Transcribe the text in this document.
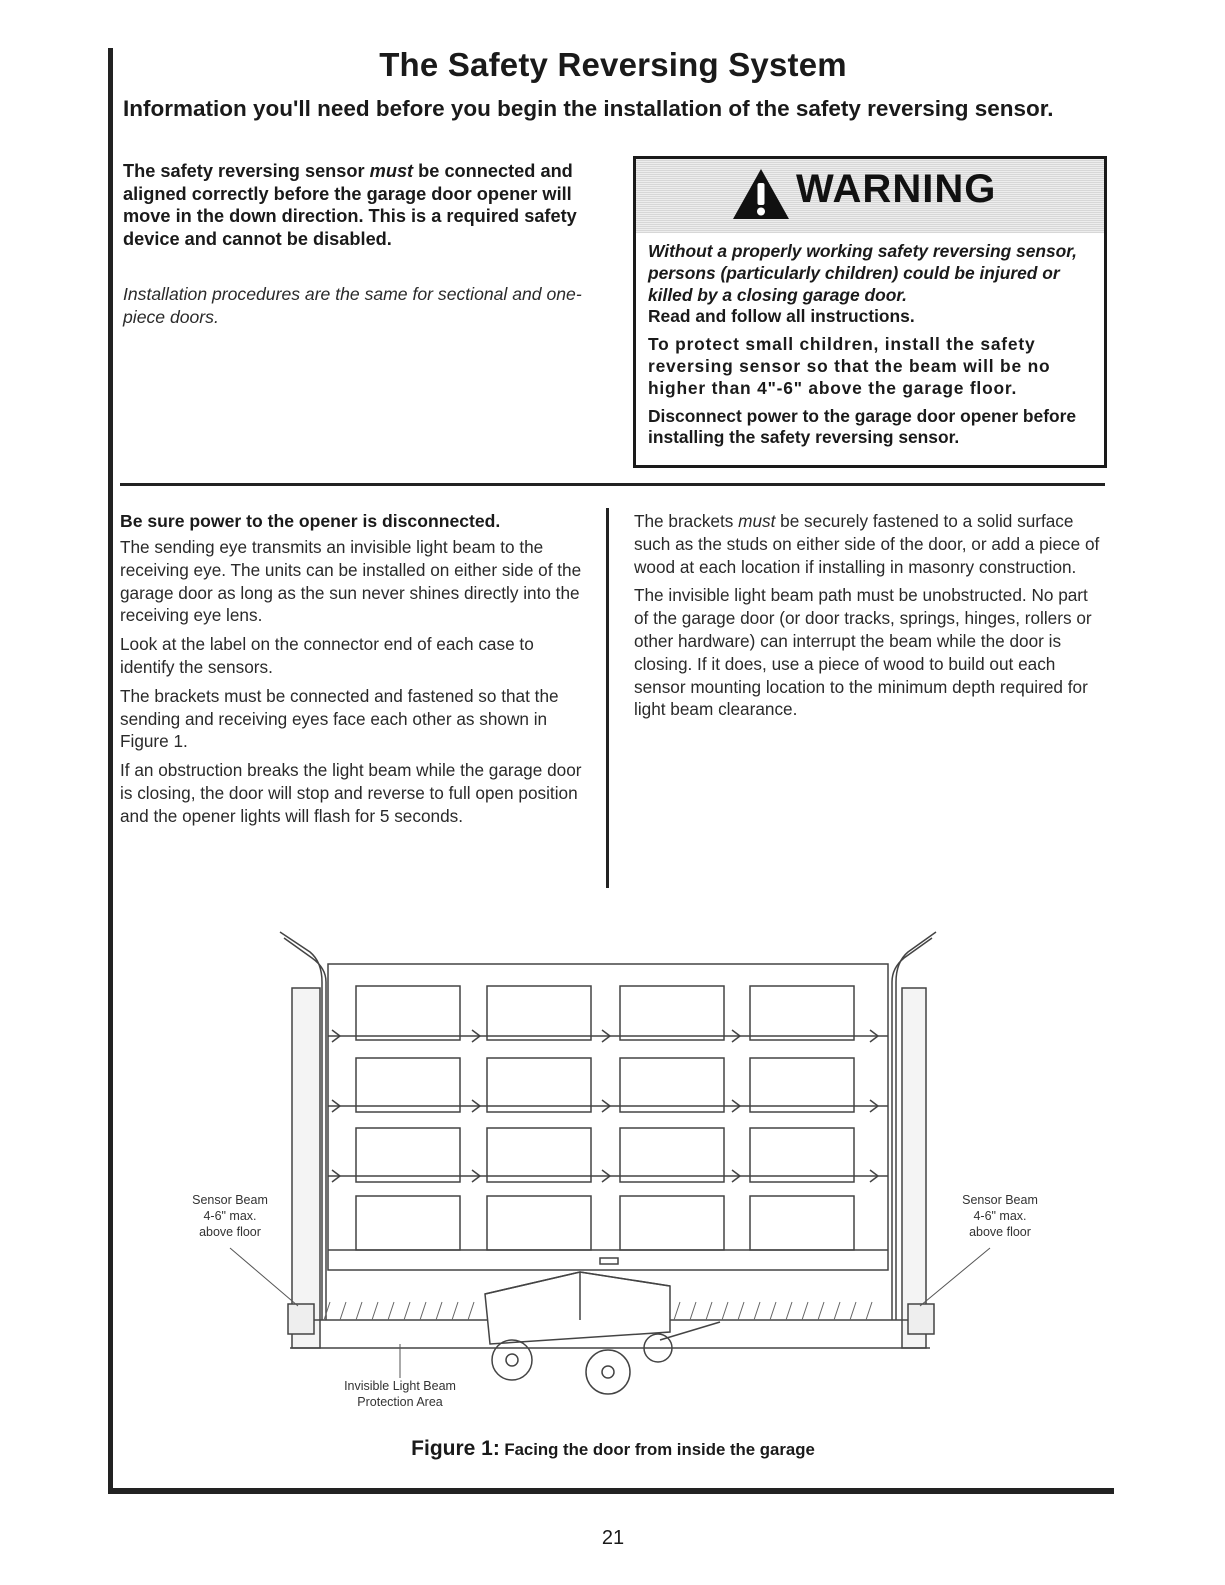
The Safety Reversing System
Information you'll need before you begin the installation of the safety reversing sensor.

The safety reversing sensor must be connected and aligned correctly before the garage door opener will move in the down direction. This is a required safety device and cannot be disabled.

Installation procedures are the same for sectional and one-piece doors.

WARNING

Without a properly working safety reversing sensor, persons (particularly children) could be injured or killed by a closing garage door.

Read and follow all instructions.

To protect small children, install the safety reversing sensor so that the beam will be no higher than 4"-6" above the garage floor.

Disconnect power to the garage door opener before installing the safety reversing sensor.

Be sure power to the opener is disconnected.

The sending eye transmits an invisible light beam to the receiving eye. The units can be installed on either side of the garage door as long as the sun never shines directly into the receiving eye lens.

Look at the label on the connector end of each case to identify the sensors.

The brackets must be connected and fastened so that the sending and receiving eyes face each other as shown in Figure 1.

If an obstruction breaks the light beam while the garage door is closing, the door will stop and reverse to full open position and the opener lights will flash for 5 seconds.

The brackets must be securely fastened to a solid surface such as the studs on either side of the door, or add a piece of wood at each location if installing in masonry construction.

The invisible light beam path must be unobstructed. No part of the garage door (or door tracks, springs, hinges, rollers or other hardware) can interrupt the beam while the door is closing. If it does, use a piece of wood to build out each sensor mounting location to the minimum depth required for light beam clearance.

Sensor Beam
4-6" max.
above floor

Sensor Beam
4-6" max.
above floor

Invisible Light Beam
Protection Area

Figure 1: Facing the door from inside the garage

21
